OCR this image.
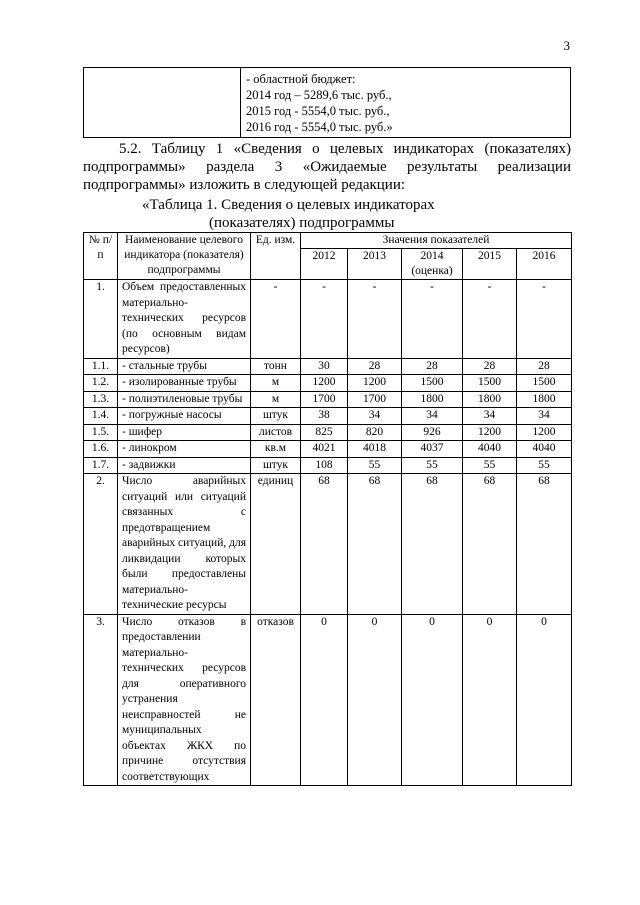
3

- областной бюджет:
2014 год – 5289,6 тыс. руб.,
2015 год - 5554,0 тыс. руб.,
2016 год - 5554,0 тыс. руб.»
5.2. Таблицу 1 «Сведения о целевых индикаторах (показателях) подпрограммы» раздела 3 «Ожидаемые результаты реализации подпрограммы» изложить в следующей редакции:
«Таблица 1. Сведения о целевых индикаторах
(показателях) подпрограммы
№ п/п	Наименование целевого индикатора (показателя) подпрограммы	Ед. изм.	Значения показателей				
			2012	2013	2014 (оценка)	2015	2016
1.	Объем предоставленных материально-технических ресурсов (по основным видам ресурсов)	-	-	-	-	-	-
1.1.	- стальные трубы	тонн	30	28	28	28	28
1.2.	- изолированные трубы	м	1200	1200	1500	1500	1500
1.3.	- полиэтиленовые трубы	м	1700	1700	1800	1800	1800
1.4.	- погружные насосы	штук	38	34	34	34	34
1.5.	- шифер	листов	825	820	926	1200	1200
1.6.	- линокром	кв.м	4021	4018	4037	4040	4040
1.7.	- задвижки	штук	108	55	55	55	55
2.	Число аварийных ситуаций или ситуаций связанных с предотвращением аварийных ситуаций, для ликвидации которых были предоставлены материально-технические ресурсы	единиц	68	68	68	68	68
3.	Число отказов в предоставлении материально-технических ресурсов для оперативного устранения неисправностей не муниципальных объектах ЖКХ по причине отсутствия соответствующих	отказов	0	0	0	0	0
